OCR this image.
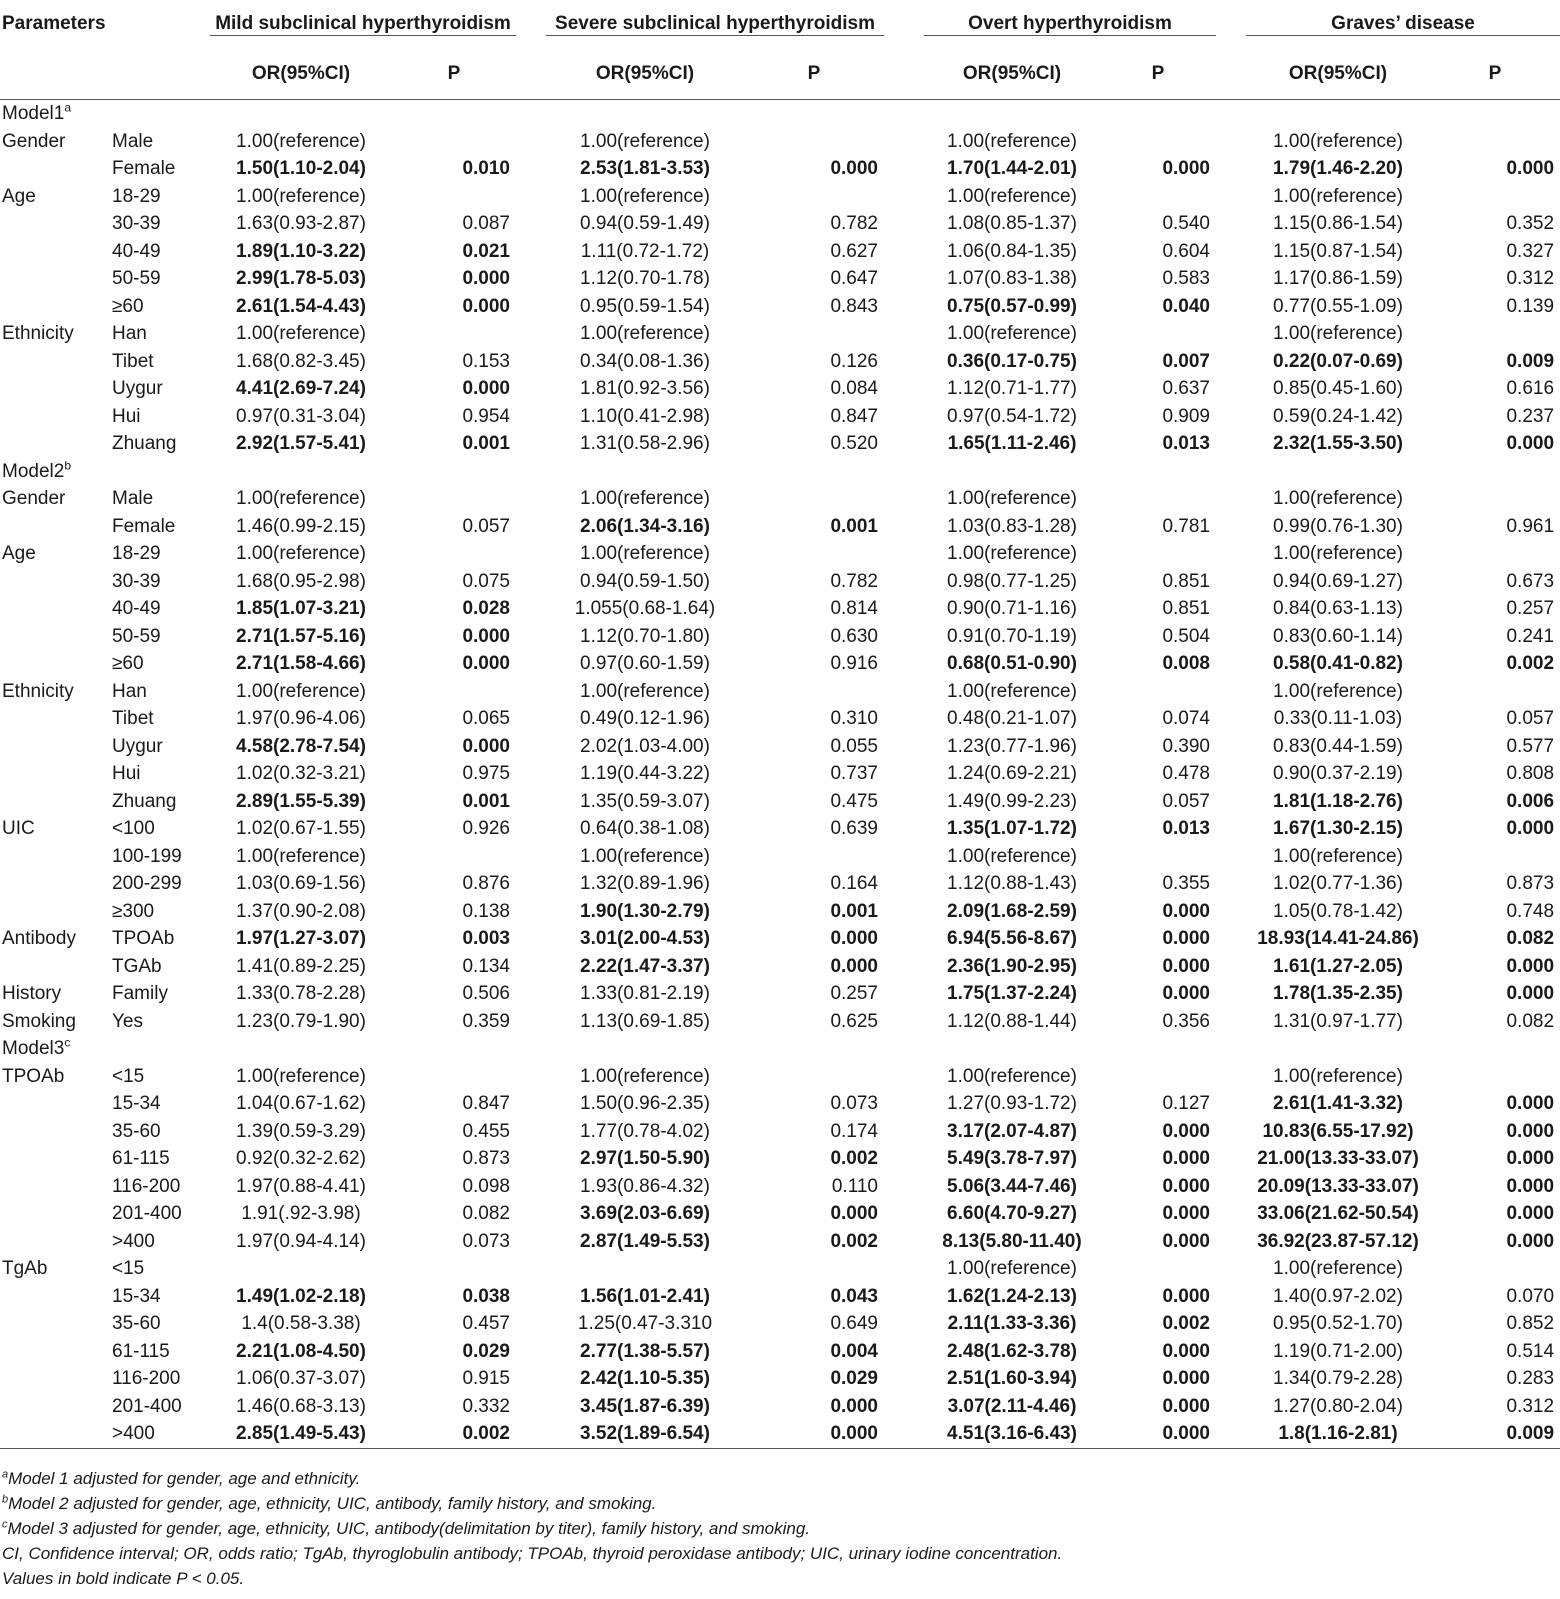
Parameters		Mild subclinical hyperthyroidism			Severe subclinical hyperthyroidism			Overt hyperthyroidism			Graves’ disease	

		OR(95%CI)	P		OR(95%CI)	P		OR(95%CI)	P		OR(95%CI)	P
Model1$^a$
Gender	Male	1.00(reference)			1.00(reference)			1.00(reference)			1.00(reference)	
	Female	1.50(1.10-2.04)	0.010		2.53(1.81-3.53)	0.000		1.70(1.44-2.01)	0.000		1.79(1.46-2.20)	0.000
Age	18-29	1.00(reference)			1.00(reference)			1.00(reference)			1.00(reference)	
	30-39	1.63(0.93-2.87)	0.087		0.94(0.59-1.49)	0.782		1.08(0.85-1.37)	0.540		1.15(0.86-1.54)	0.352
	40-49	1.89(1.10-3.22)	0.021		1.11(0.72-1.72)	0.627		1.06(0.84-1.35)	0.604		1.15(0.87-1.54)	0.327
	50-59	2.99(1.78-5.03)	0.000		1.12(0.70-1.78)	0.647		1.07(0.83-1.38)	0.583		1.17(0.86-1.59)	0.312
	≥60	2.61(1.54-4.43)	0.000		0.95(0.59-1.54)	0.843		0.75(0.57-0.99)	0.040		0.77(0.55-1.09)	0.139
Ethnicity	Han	1.00(reference)			1.00(reference)			1.00(reference)			1.00(reference)	
	Tibet	1.68(0.82-3.45)	0.153		0.34(0.08-1.36)	0.126		0.36(0.17-0.75)	0.007		0.22(0.07-0.69)	0.009
	Uygur	4.41(2.69-7.24)	0.000		1.81(0.92-3.56)	0.084		1.12(0.71-1.77)	0.637		0.85(0.45-1.60)	0.616
	Hui	0.97(0.31-3.04)	0.954		1.10(0.41-2.98)	0.847		0.97(0.54-1.72)	0.909		0.59(0.24-1.42)	0.237
	Zhuang	2.92(1.57-5.41)	0.001		1.31(0.58-2.96)	0.520		1.65(1.11-2.46)	0.013		2.32(1.55-3.50)	0.000
Model2$^b$
Gender	Male	1.00(reference)			1.00(reference)			1.00(reference)			1.00(reference)	
	Female	1.46(0.99-2.15)	0.057		2.06(1.34-3.16)	0.001		1.03(0.83-1.28)	0.781		0.99(0.76-1.30)	0.961
Age	18-29	1.00(reference)			1.00(reference)			1.00(reference)			1.00(reference)	
	30-39	1.68(0.95-2.98)	0.075		0.94(0.59-1.50)	0.782		0.98(0.77-1.25)	0.851		0.94(0.69-1.27)	0.673
	40-49	1.85(1.07-3.21)	0.028		1.055(0.68-1.64)	0.814		0.90(0.71-1.16)	0.851		0.84(0.63-1.13)	0.257
	50-59	2.71(1.57-5.16)	0.000		1.12(0.70-1.80)	0.630		0.91(0.70-1.19)	0.504		0.83(0.60-1.14)	0.241
	≥60	2.71(1.58-4.66)	0.000		0.97(0.60-1.59)	0.916		0.68(0.51-0.90)	0.008		0.58(0.41-0.82)	0.002
Ethnicity	Han	1.00(reference)			1.00(reference)			1.00(reference)			1.00(reference)	
	Tibet	1.97(0.96-4.06)	0.065		0.49(0.12-1.96)	0.310		0.48(0.21-1.07)	0.074		0.33(0.11-1.03)	0.057
	Uygur	4.58(2.78-7.54)	0.000		2.02(1.03-4.00)	0.055		1.23(0.77-1.96)	0.390		0.83(0.44-1.59)	0.577
	Hui	1.02(0.32-3.21)	0.975		1.19(0.44-3.22)	0.737		1.24(0.69-2.21)	0.478		0.90(0.37-2.19)	0.808
	Zhuang	2.89(1.55-5.39)	0.001		1.35(0.59-3.07)	0.475		1.49(0.99-2.23)	0.057		1.81(1.18-2.76)	0.006
UIC	<100	1.02(0.67-1.55)	0.926		0.64(0.38-1.08)	0.639		1.35(1.07-1.72)	0.013		1.67(1.30-2.15)	0.000
	100-199	1.00(reference)			1.00(reference)			1.00(reference)			1.00(reference)	
	200-299	1.03(0.69-1.56)	0.876		1.32(0.89-1.96)	0.164		1.12(0.88-1.43)	0.355		1.02(0.77-1.36)	0.873
	≥300	1.37(0.90-2.08)	0.138		1.90(1.30-2.79)	0.001		2.09(1.68-2.59)	0.000		1.05(0.78-1.42)	0.748
Antibody	TPOAb	1.97(1.27-3.07)	0.003		3.01(2.00-4.53)	0.000		6.94(5.56-8.67)	0.000		18.93(14.41-24.86)	0.082
	TGAb	1.41(0.89-2.25)	0.134		2.22(1.47-3.37)	0.000		2.36(1.90-2.95)	0.000		1.61(1.27-2.05)	0.000
History	Family	1.33(0.78-2.28)	0.506		1.33(0.81-2.19)	0.257		1.75(1.37-2.24)	0.000		1.78(1.35-2.35)	0.000
Smoking	Yes	1.23(0.79-1.90)	0.359		1.13(0.69-1.85)	0.625		1.12(0.88-1.44)	0.356		1.31(0.97-1.77)	0.082
Model3$^c$
TPOAb	<15	1.00(reference)			1.00(reference)			1.00(reference)			1.00(reference)	
	15-34	1.04(0.67-1.62)	0.847		1.50(0.96-2.35)	0.073		1.27(0.93-1.72)	0.127		2.61(1.41-3.32)	0.000
	35-60	1.39(0.59-3.29)	0.455		1.77(0.78-4.02)	0.174		3.17(2.07-4.87)	0.000		10.83(6.55-17.92)	0.000
	61-115	0.92(0.32-2.62)	0.873		2.97(1.50-5.90)	0.002		5.49(3.78-7.97)	0.000		21.00(13.33-33.07)	0.000
	116-200	1.97(0.88-4.41)	0.098		1.93(0.86-4.32)	0.110		5.06(3.44-7.46)	0.000		20.09(13.33-33.07)	0.000
	201-400	1.91(.92-3.98)	0.082		3.69(2.03-6.69)	0.000		6.60(4.70-9.27)	0.000		33.06(21.62-50.54)	0.000
	>400	1.97(0.94-4.14)	0.073		2.87(1.49-5.53)	0.002		8.13(5.80-11.40)	0.000		36.92(23.87-57.12)	0.000
TgAb	<15							1.00(reference)			1.00(reference)	
	15-34	1.49(1.02-2.18)	0.038		1.56(1.01-2.41)	0.043		1.62(1.24-2.13)	0.000		1.40(0.97-2.02)	0.070
	35-60	1.4(0.58-3.38)	0.457		1.25(0.47-3.310	0.649		2.11(1.33-3.36)	0.002		0.95(0.52-1.70)	0.852
	61-115	2.21(1.08-4.50)	0.029		2.77(1.38-5.57)	0.004		2.48(1.62-3.78)	0.000		1.19(0.71-2.00)	0.514
	116-200	1.06(0.37-3.07)	0.915		2.42(1.10-5.35)	0.029		2.51(1.60-3.94)	0.000		1.34(0.79-2.28)	0.283
	201-400	1.46(0.68-3.13)	0.332		3.45(1.87-6.39)	0.000		3.07(2.11-4.46)	0.000		1.27(0.80-2.04)	0.312
	>400	2.85(1.49-5.43)	0.002		3.52(1.89-6.54)	0.000		4.51(3.16-6.43)	0.000		1.8(1.16-2.81)	0.009
$^a$Model 1 adjusted for gender, age and ethnicity.
$^b$Model 2 adjusted for gender, age, ethnicity, UIC, antibody, family history, and smoking.
$^c$Model 3 adjusted for gender, age, ethnicity, UIC, antibody(delimitation by titer), family history, and smoking.
CI, Confidence interval; OR, odds ratio; TgAb, thyroglobulin antibody; TPOAb, thyroid peroxidase antibody; UIC, urinary iodine concentration.
Values in bold indicate P < 0.05.
